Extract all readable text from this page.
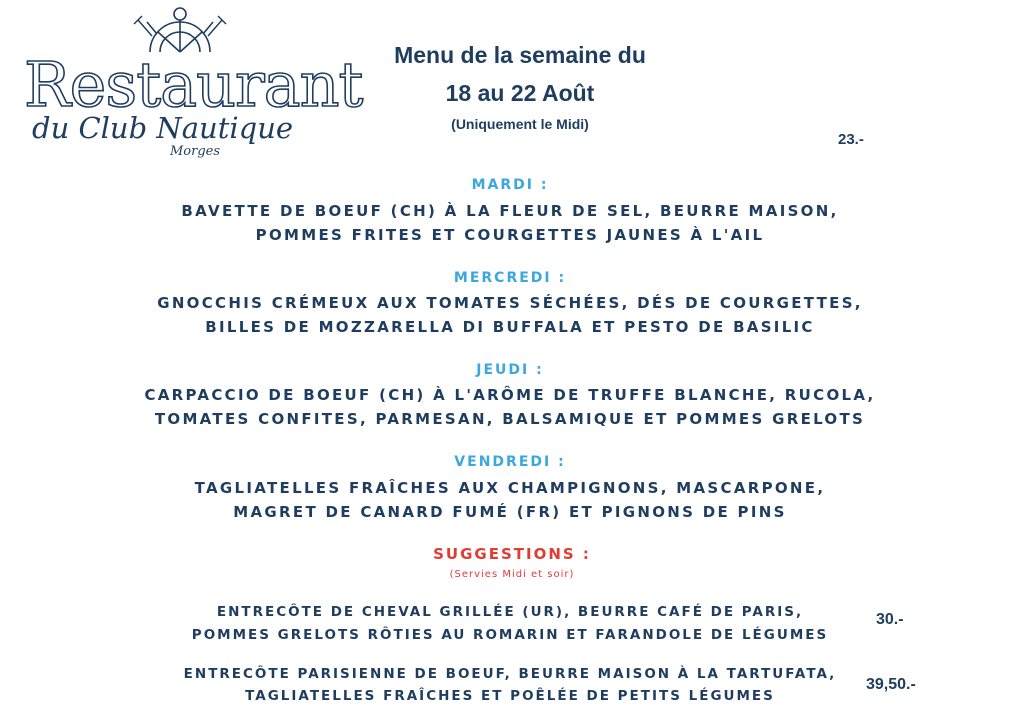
Restaurant
du Club Nautique
Morges
Menu de la semaine du
18 au 22 Août
(Uniquement le Midi)
23.-
MARDI :
BAVETTE DE BOEUF (CH) À LA FLEUR DE SEL, BEURRE MAISON,
POMMES FRITES ET COURGETTES JAUNES À L'AIL
MERCREDI :
GNOCCHIS CRÉMEUX AUX TOMATES SÉCHÉES, DÉS DE COURGETTES,
BILLES DE MOZZARELLA DI BUFFALA ET PESTO DE BASILIC
JEUDI :
CARPACCIO DE BOEUF (CH) À L'ARÔME DE TRUFFE BLANCHE, RUCOLA,
TOMATES CONFITES, PARMESAN, BALSAMIQUE ET POMMES GRELOTS
VENDREDI :
TAGLIATELLES FRAÎCHES AUX CHAMPIGNONS, MASCARPONE,
MAGRET DE CANARD FUMÉ (FR) ET PIGNONS DE PINS
SUGGESTIONS :
(Servies Midi et soir)
ENTRECÔTE DE CHEVAL GRILLÉE (UR), BEURRE CAFÉ DE PARIS,
POMMES GRELOTS RÔTIES AU ROMARIN ET FARANDOLE DE LÉGUMES
30.-
ENTRECÔTE PARISIENNE DE BOEUF, BEURRE MAISON À LA TARTUFATA,
TAGLIATELLES FRAÎCHES ET POÊLÉE DE PETITS LÉGUMES
39,50.-
